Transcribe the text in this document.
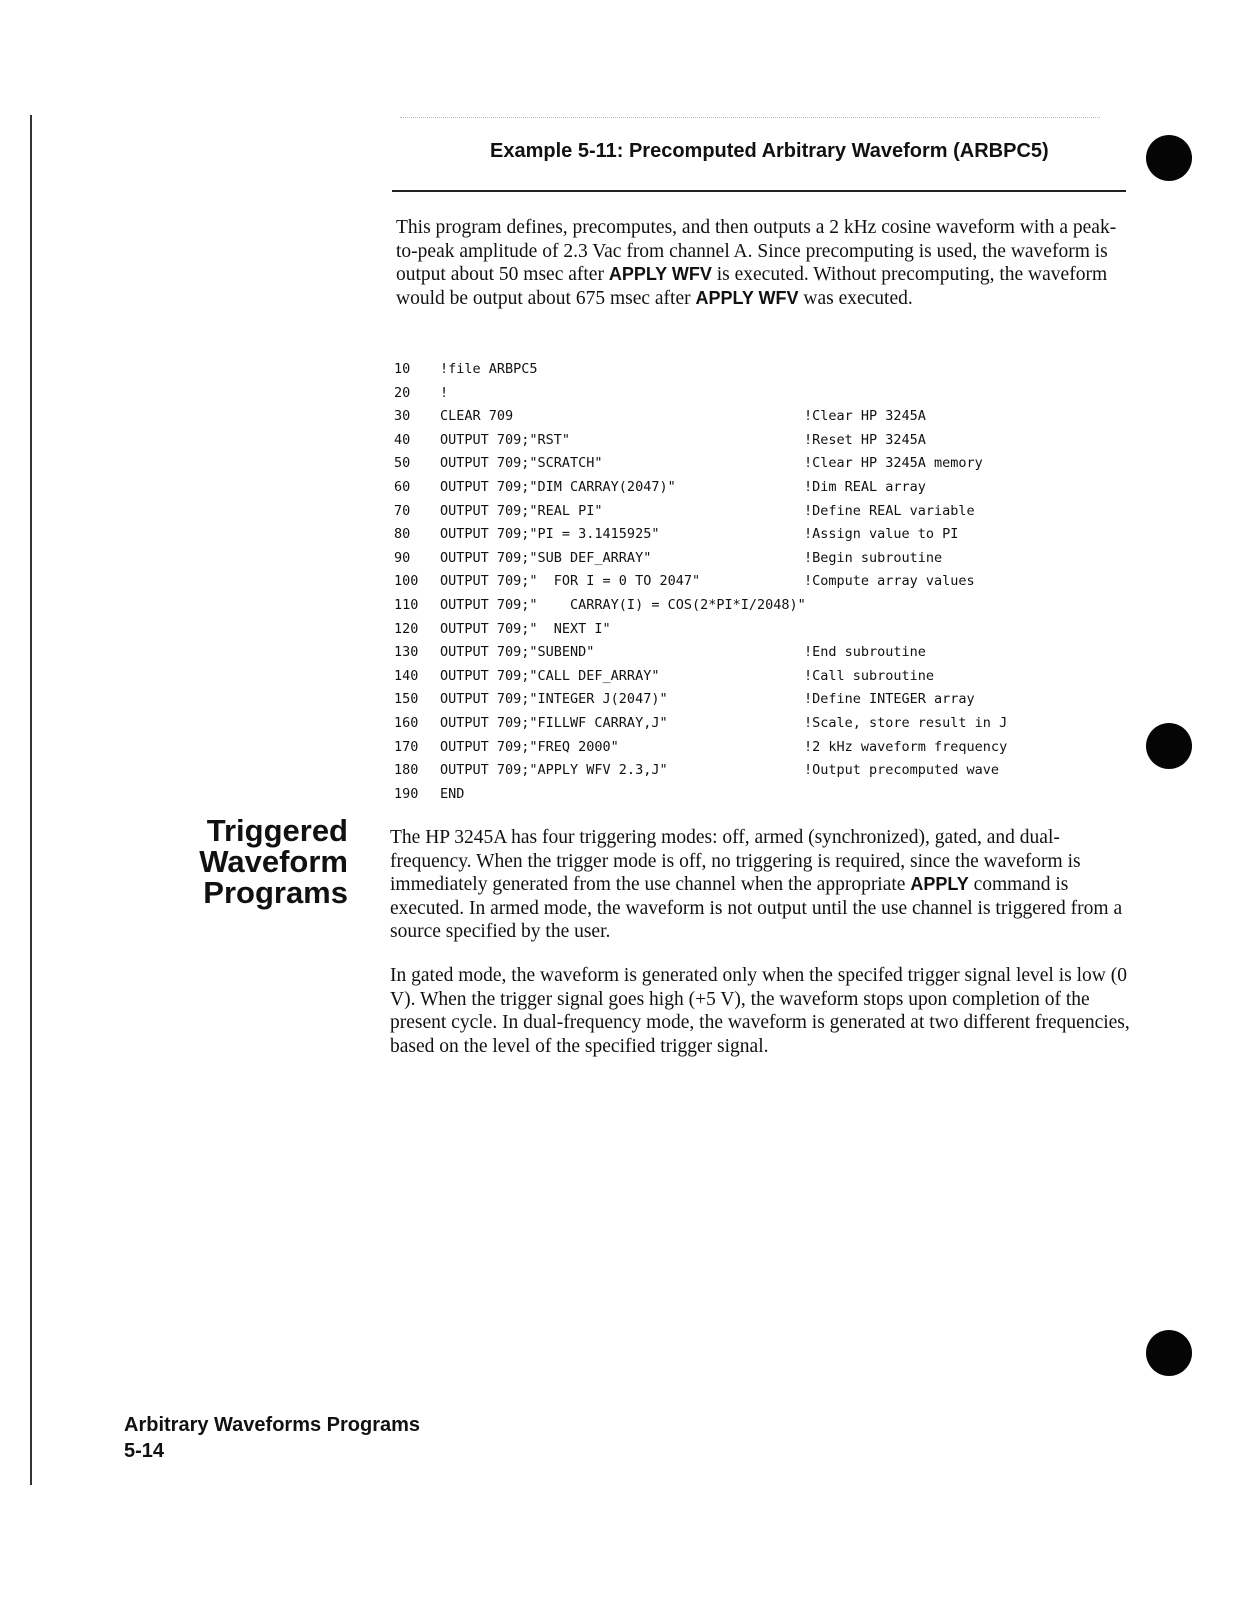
Example 5-11: Precomputed Arbitrary Waveform (ARBPC5)

This program defines, precomputes, and then outputs a 2 kHz cosine waveform with a peak-to-peak amplitude of 2.3 Vac from channel A. Since precomputing is used, the waveform is output about 50 msec after APPLY WFV is executed. Without precomputing, the waveform would be output about 675 msec after APPLY WFV was executed.

10 !file ARBPC5
20 !
30 CLEAR 709	!Clear HP 3245A
40 OUTPUT 709;"RST"	!Reset HP 3245A
50 OUTPUT 709;"SCRATCH"	!Clear HP 3245A memory
60 OUTPUT 709;"DIM CARRAY(2047)"	!Dim REAL array
70 OUTPUT 709;"REAL PI"	!Define REAL variable
80 OUTPUT 709;"PI = 3.1415925"	!Assign value to PI
90 OUTPUT 709;"SUB DEF_ARRAY"	!Begin subroutine
100 OUTPUT 709;"  FOR I = 0 TO 2047"	!Compute array values
110 OUTPUT 709;"    CARRAY(I) = COS(2*PI*I/2048)"
120 OUTPUT 709;"  NEXT I"
130 OUTPUT 709;"SUBEND"	!End subroutine
140 OUTPUT 709;"CALL DEF_ARRAY"	!Call subroutine
150 OUTPUT 709;"INTEGER J(2047)"	!Define INTEGER array
160 OUTPUT 709;"FILLWF CARRAY,J"	!Scale, store result in J
170 OUTPUT 709;"FREQ 2000"	!2 kHz waveform frequency
180 OUTPUT 709;"APPLY WFV 2.3,J"	!Output precomputed wave
190 END
Triggered
Waveform
Programs

The HP 3245A has four triggering modes: off, armed (synchronized), gated, and dual-frequency. When the trigger mode is off, no triggering is required, since the waveform is immediately generated from the use channel when the appropriate APPLY command is executed. In armed mode, the waveform is not output until the use channel is triggered from a source specified by the user.

In gated mode, the waveform is generated only when the specifed trigger signal level is low (0 V). When the trigger signal goes high (+5 V), the waveform stops upon completion of the present cycle. In dual-frequency mode, the waveform is generated at two different frequencies, based on the level of the specified trigger signal.

Arbitrary Waveforms Programs
5-14
